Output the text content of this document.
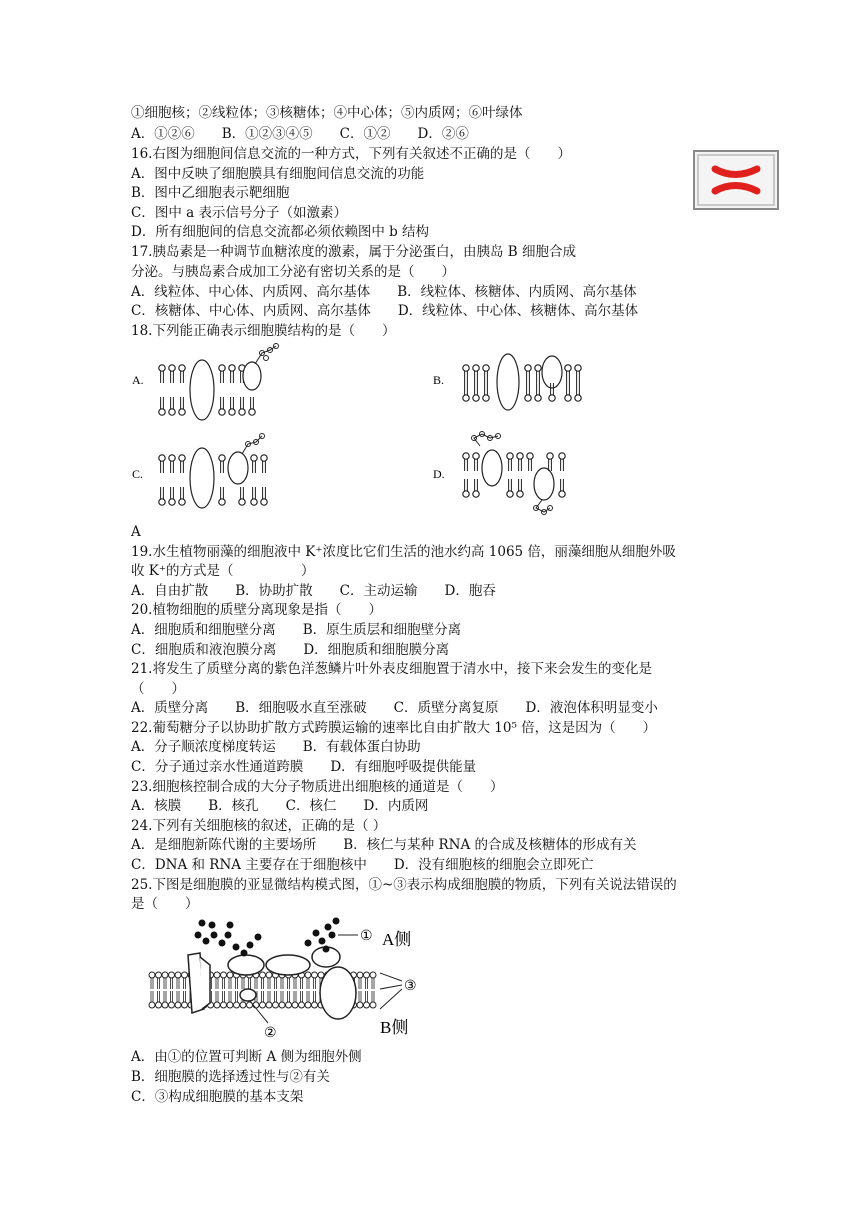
①细胞核；②线粒体；③核糖体；④中心体；⑤内质网；⑥叶绿体
A．①②⑥　　B．①②③④⑤　　C．①②　　D．②⑥
16.右图为细胞间信息交流的一种方式，下列有关叙述不正确的是（　　）
A．图中反映了细胞膜具有细胞间信息交流的功能
B．图中乙细胞表示靶细胞
C．图中 a 表示信号分子（如激素）
D．所有细胞间的信息交流都必须依赖图中 b 结构
17.胰岛素是一种调节血糖浓度的激素，属于分泌蛋白，由胰岛 B 细胞合成
分泌。与胰岛素合成加工分泌有密切关系的是（　　）
A．线粒体、中心体、内质网、高尔基体　　B．线粒体、核糖体、内质网、高尔基体
C．核糖体、中心体、内质网、高尔基体　　D．线粒体、中心体、核糖体、高尔基体
18.下列能正确表示细胞膜结构的是（　　）
A.	B.
C.	D.
A
19.水生植物丽藻的细胞液中 K⁺浓度比它们生活的池水约高 1065 倍，丽藻细胞从细胞外吸
收 K⁺的方式是（　　　　　）
A．自由扩散　　B．协助扩散　　C．主动运输　　D．胞吞
20.植物细胞的质壁分离现象是指（　　）
A．细胞质和细胞壁分离　　B．原生质层和细胞壁分离
C．细胞质和液泡膜分离　　D．细胞质和细胞膜分离
21.将发生了质壁分离的紫色洋葱鳞片叶外表皮细胞置于清水中，接下来会发生的变化是
（　　）
A．质壁分离　　B．细胞吸水直至涨破　　C．质壁分离复原　　D．液泡体积明显变小
22.葡萄糖分子以协助扩散方式跨膜运输的速率比自由扩散大 10⁵ 倍，这是因为（　　）
A．分子顺浓度梯度转运　　B．有载体蛋白协助
C．分子通过亲水性通道跨膜　　D．有细胞呼吸提供能量
23.细胞核控制合成的大分子物质进出细胞核的通道是（　　）
A．核膜　　B．核孔　　C．核仁　　D．内质网
24.下列有关细胞核的叙述，正确的是（ ）
A．是细胞新陈代谢的主要场所　　B．核仁与某种 RNA 的合成及核糖体的形成有关
C．DNA 和 RNA 主要存在于细胞核中　　D．没有细胞核的细胞会立即死亡
25.下图是细胞膜的亚显微结构模式图，①~③表示构成细胞膜的物质，下列有关说法错误的
是（　　）
① A侧
③
②	B侧
A．由①的位置可判断 A 侧为细胞外侧
B．细胞膜的选择透过性与②有关
C．③构成细胞膜的基本支架
